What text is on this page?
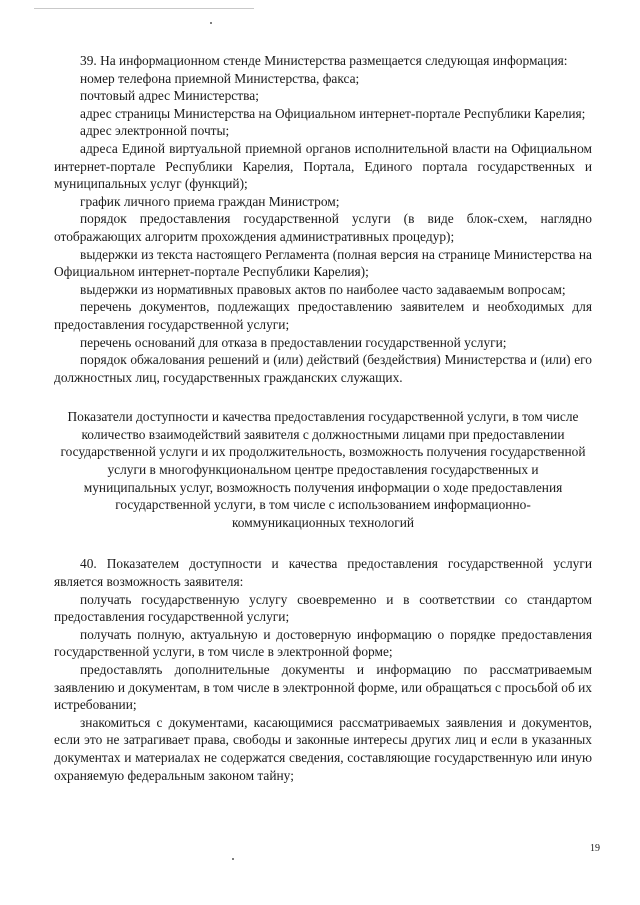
39. На информационном стенде Министерства размещается следующая информация:

номер телефона приемной Министерства, факса;

почтовый адрес Министерства;

адрес страницы Министерства на Официальном интернет-портале Республики Карелия;

адрес электронной почты;

адреса Единой виртуальной приемной органов исполнительной власти на Официальном интернет-портале Республики Карелия, Портала, Единого портала государственных и муниципальных услуг (функций);

график личного приема граждан Министром;

порядок предоставления государственной услуги (в виде блок-схем, наглядно отображающих алгоритм прохождения административных процедур);

выдержки из текста настоящего Регламента (полная версия на странице Министерства на Официальном интернет-портале Республики Карелия);

выдержки из нормативных правовых актов по наиболее часто задаваемым вопросам;

перечень документов, подлежащих предоставлению заявителем и необходимых для предоставления государственной услуги;

перечень оснований для отказа в предоставлении государственной услуги;

порядок обжалования решений и (или) действий (бездействия) Министерства и (или) его должностных лиц, государственных гражданских служащих.

Показатели доступности и качества предоставления государственной услуги, в том числе количество взаимодействий заявителя с должностными лицами при предоставлении государственной услуги и их продолжительность, возможность получения государственной услуги в многофункциональном центре предоставления государственных и муниципальных услуг, возможность получения информации о ходе предоставления государственной услуги, в том числе с использованием информационно-коммуникационных технологий

40. Показателем доступности и качества предоставления государственной услуги является возможность заявителя:

получать государственную услугу своевременно и в соответствии со стандартом предоставления государственной услуги;

получать полную, актуальную и достоверную информацию о порядке предоставления государственной услуги, в том числе в электронной форме;

предоставлять дополнительные документы и информацию по рассматриваемым заявлению и документам, в том числе в электронной форме, или обращаться с просьбой об их истребовании;

знакомиться с документами, касающимися рассматриваемых заявления и документов, если это не затрагивает права, свободы и законные интересы других лиц и если в указанных документах и материалах не содержатся сведения, составляющие государственную или иную охраняемую федеральным законом тайну;

19
